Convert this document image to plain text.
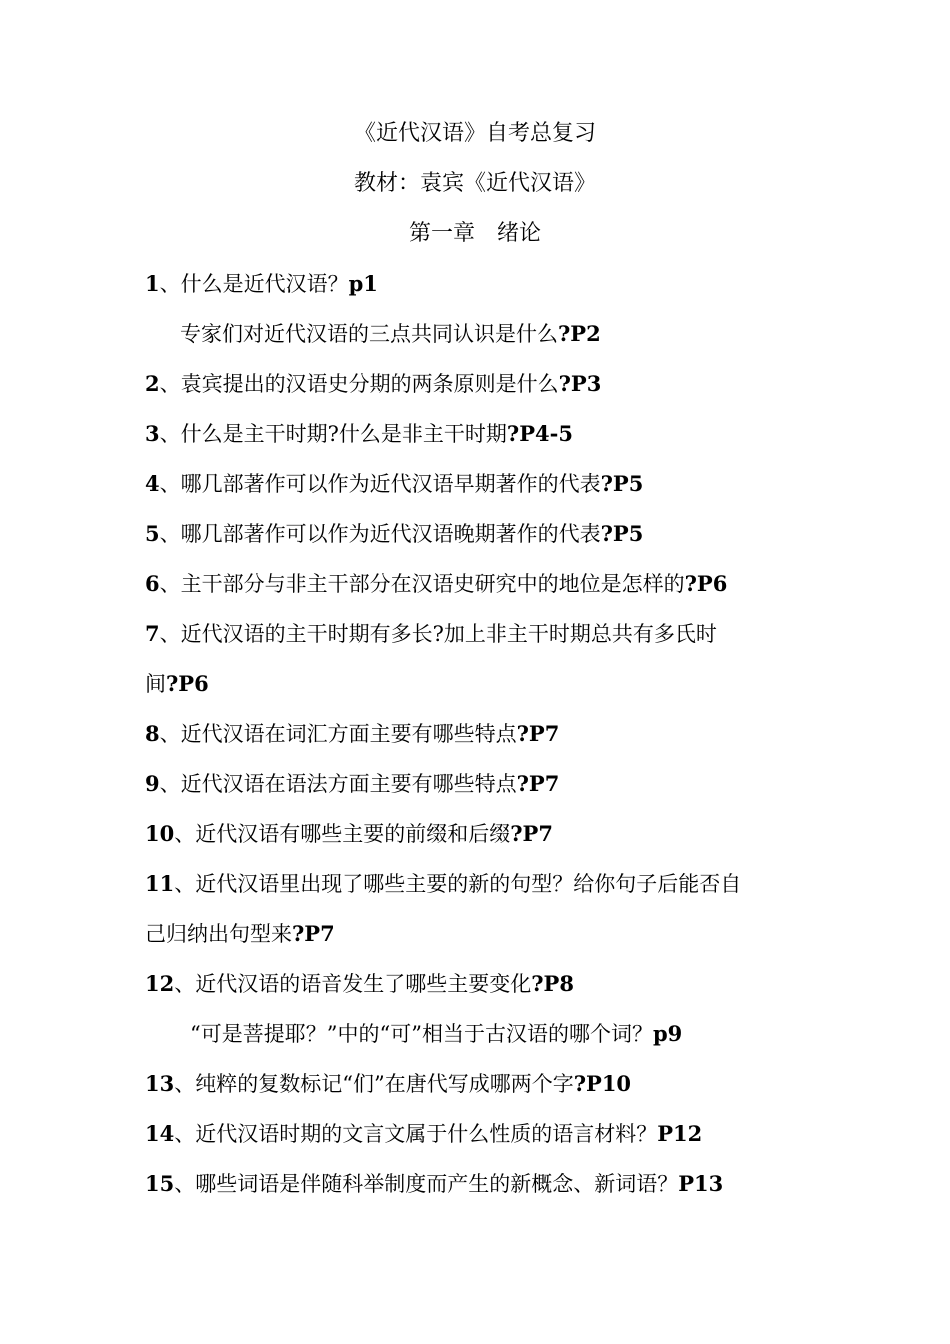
《近代汉语》自考总复习
教材：袁宾《近代汉语》
第一章　绪论
1、什么是近代汉语？p1
专家们对近代汉语的三点共同认识是什么?P2
2、袁宾提出的汉语史分期的两条原则是什么?P3
3、什么是主干时期?什么是非主干时期?P4-5
4、哪几部著作可以作为近代汉语早期著作的代表?P5
5、哪几部著作可以作为近代汉语晚期著作的代表?P5
6、主干部分与非主干部分在汉语史研究中的地位是怎样的?P6
7、近代汉语的主干时期有多长?加上非主干时期总共有多氏时
间?P6
8、近代汉语在词汇方面主要有哪些特点?P7
9、近代汉语在语法方面主要有哪些特点?P7
10、近代汉语有哪些主要的前缀和后缀?P7
11、近代汉语里出现了哪些主要的新的句型？给你句子后能否自
己归纳出句型来?P7
12、近代汉语的语音发生了哪些主要变化?P8
“可是菩提耶？”中的“可”相当于古汉语的哪个词？p9
13、纯粹的复数标记“们”在唐代写成哪两个字?P10
14、近代汉语时期的文言文属于什么性质的语言材料？P12
15、哪些词语是伴随科举制度而产生的新概念、新词语？P13
